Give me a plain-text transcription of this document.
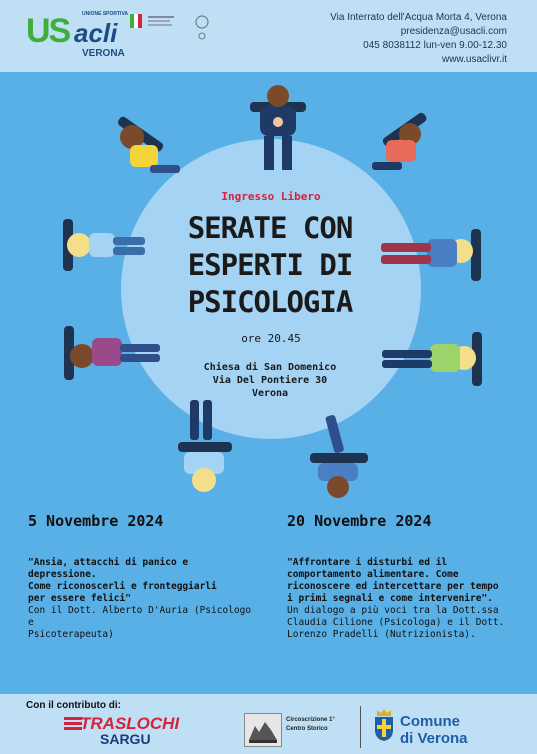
US	UNIONE SPORTIVA
acli
VERONA
Via Interrato dell'Acqua Morta 4, Verona
presidenza@usacli.com
045 8038112 lun-ven 9.00-12.30
www.usaclivr.it
Ingresso Libero
SERATE CON
ESPERTI DI
PSICOLOGIA
ore 20.45
Chiesa di San Domenico
Via Del Pontiere 30
Verona
5 Novembre 2024
"Ansia, attacchi di panico e depressione.
Come riconoscerli e fronteggiarli
per essere felici"
Con il Dott. Alberto D'Auria (Psicologo e
Psicoterapeuta)
20 Novembre 2024
"Affrontare i disturbi ed il
comportamento alimentare. Come
riconoscere ed intercettare per tempo
i primi segnali e come intervenire".
Un dialogo a più voci tra la Dott.ssa
Claudia Cilione (Psicologa) e il Dott.
Lorenzo Pradelli (Nutrizionista).
Con il contributo di:
TRASLOCHI
SARGU
Circoscrizione 1°
Centro Storico	Comune
di Verona
